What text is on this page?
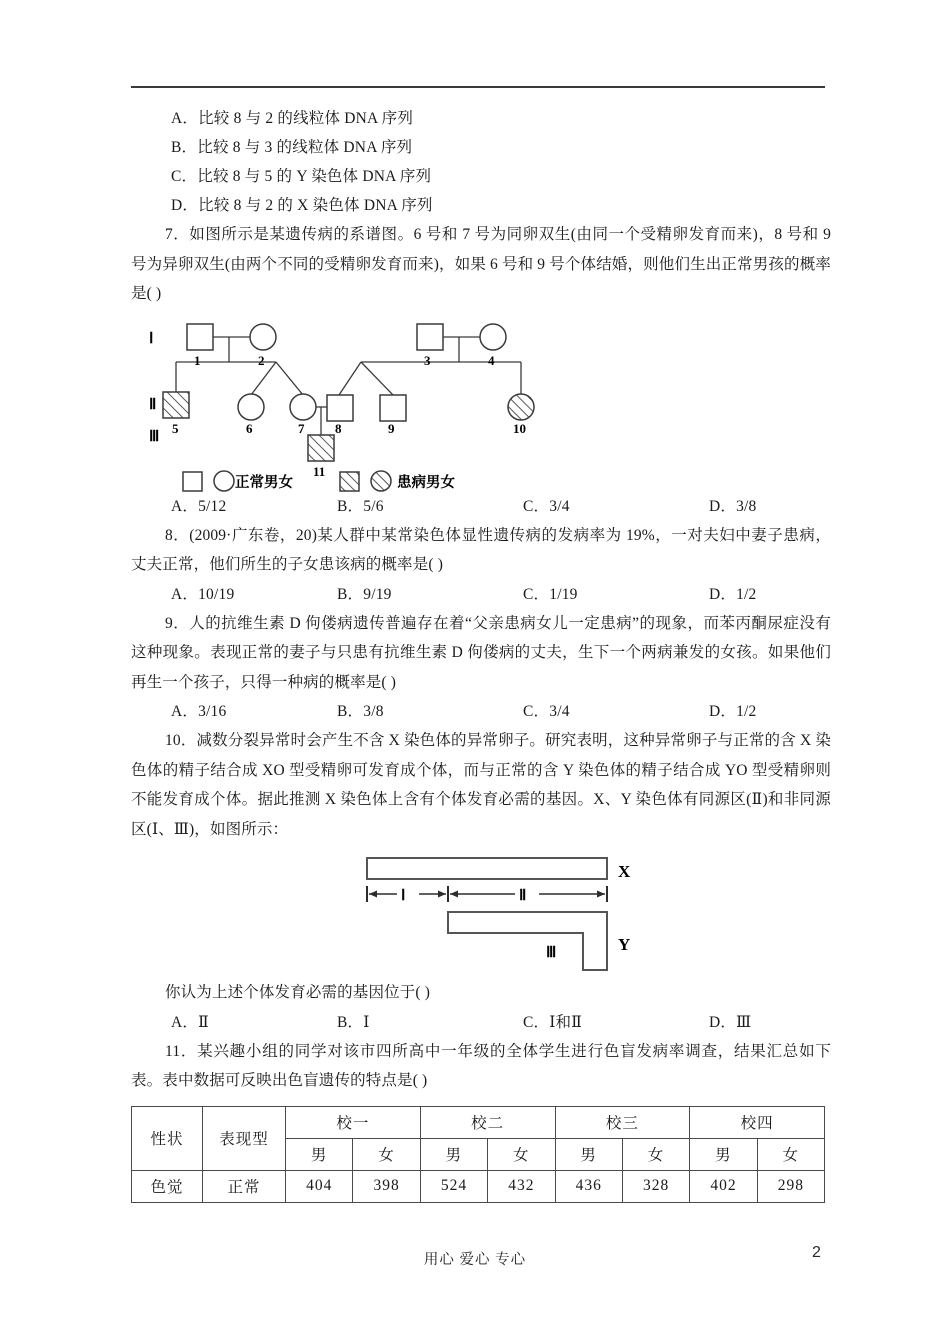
A．比较 8 与 2 的线粒体 DNA 序列
B．比较 8 与 3 的线粒体 DNA 序列
C．比较 8 与 5 的 Y 染色体 DNA 序列
D．比较 8 与 2 的 X 染色体 DNA 序列
7．如图所示是某遗传病的系谱图。6 号和 7 号为同卵双生(由同一个受精卵发育而来)，8 号和 9 号为异卵双生(由两个不同的受精卵发育而来)，如果 6 号和 9 号个体结婚，则他们生出正常男孩的概率是( )
Ⅰ
Ⅱ
Ⅲ
1	2
5	6	7
3	4
8	9	10
11
正常男女	患病男女
A．5/12	B．5/6	C．3/4	D．3/8
8．(2009·广东卷，20)某人群中某常染色体显性遗传病的发病率为 19%，一对夫妇中妻子患病，丈夫正常，他们所生的子女患该病的概率是( )
A．10/19	B．9/19	C．1/19	D．1/2
9．人的抗维生素 D 佝偻病遗传普遍存在着“父亲患病女儿一定患病”的现象，而苯丙酮尿症没有这种现象。表现正常的妻子与只患有抗维生素 D 佝偻病的丈夫，生下一个两病兼发的女孩。如果他们再生一个孩子，只得一种病的概率是( )
A．3/16	B．3/8	C．3/4	D．1/2
10．减数分裂异常时会产生不含 X 染色体的异常卵子。研究表明，这种异常卵子与正常的含 X 染色体的精子结合成 XO 型受精卵可发育成个体，而与正常的含 Y 染色体的精子结合成 YO 型受精卵则不能发育成个体。据此推测 X 染色体上含有个体发育必需的基因。X、Y 染色体有同源区(Ⅱ)和非同源区(Ⅰ、Ⅲ)，如图所示：
X
Ⅰ	Ⅱ
Y
Ⅲ
你认为上述个体发育必需的基因位于( )
A．Ⅱ	B．Ⅰ	C．Ⅰ和Ⅱ	D．Ⅲ
11．某兴趣小组的同学对该市四所高中一年级的全体学生进行色盲发病率调查，结果汇总如下表。表中数据可反映出色盲遗传的特点是( )
性状	表现型	校一		校二		校三		校四	
		男	女	男	女	男	女	男	女
色觉	正常	404	398	524	432	436	328	402	298
用心 爱心 专心	2
